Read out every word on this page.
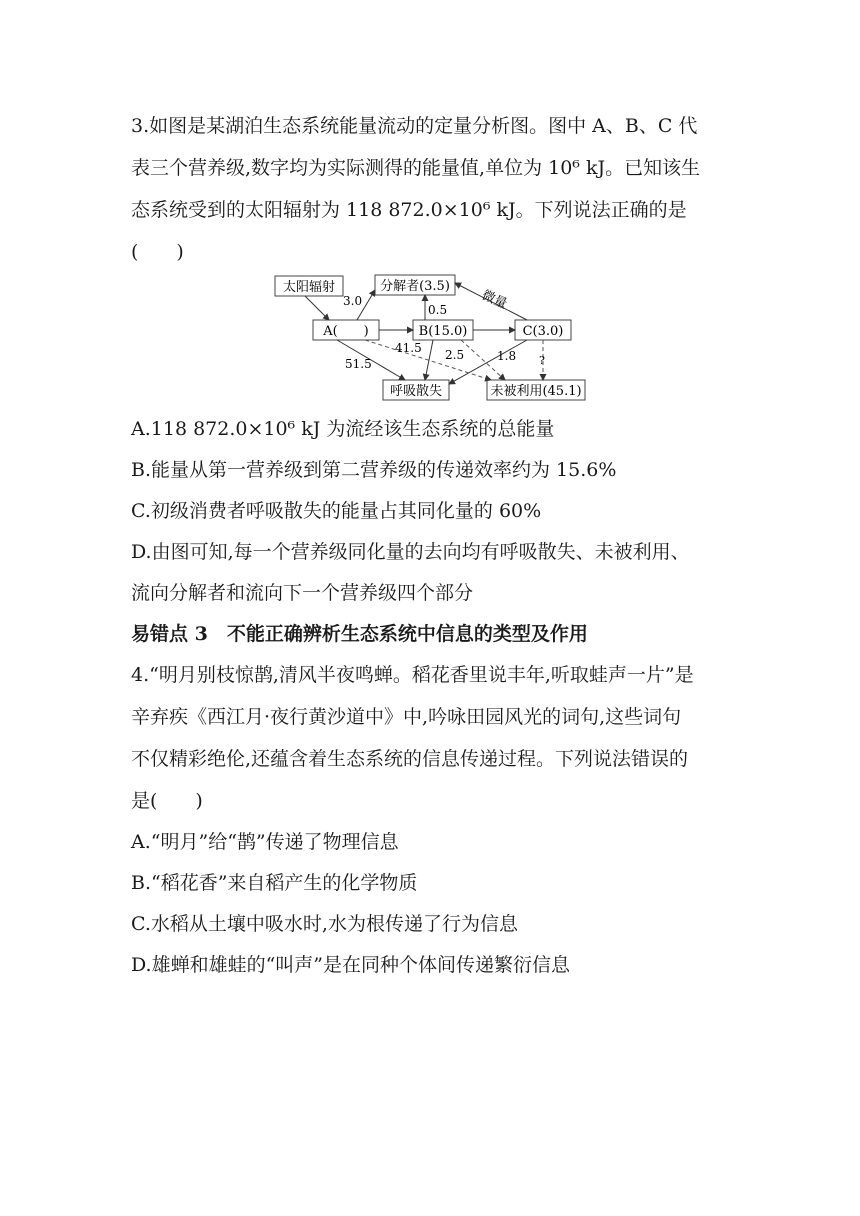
3.如图是某湖泊生态系统能量流动的定量分析图。图中 A、B、C 代
表三个营养级,数字均为实际测得的能量值,单位为 10⁶ kJ。已知该生
态系统受到的太阳辐射为 118 872.0×10⁶ kJ。下列说法正确的是
(　　)
太阳辐射	分解者(3.5)
A(　　)	B(15.0)	C(3.0)
呼吸散失	未被利用(45.1)
3.0
0.5 微量
41.5
51.5
2.5	1.8 ?
A.118 872.0×10⁶ kJ 为流经该生态系统的总能量
B.能量从第一营养级到第二营养级的传递效率约为 15.6%
C.初级消费者呼吸散失的能量占其同化量的 60%
D.由图可知,每一个营养级同化量的去向均有呼吸散失、未被利用、
流向分解者和流向下一个营养级四个部分
易错点 3　不能正确辨析生态系统中信息的类型及作用
4.“明月别枝惊鹊,清风半夜鸣蝉。稻花香里说丰年,听取蛙声一片”是
辛弃疾《西江月·夜行黄沙道中》中,吟咏田园风光的词句,这些词句
不仅精彩绝伦,还蕴含着生态系统的信息传递过程。下列说法错误的
是(　　)
A.“明月”给“鹊”传递了物理信息
B.“稻花香”来自稻产生的化学物质
C.水稻从土壤中吸水时,水为根传递了行为信息
D.雄蝉和雄蛙的“叫声”是在同种个体间传递繁衍信息
